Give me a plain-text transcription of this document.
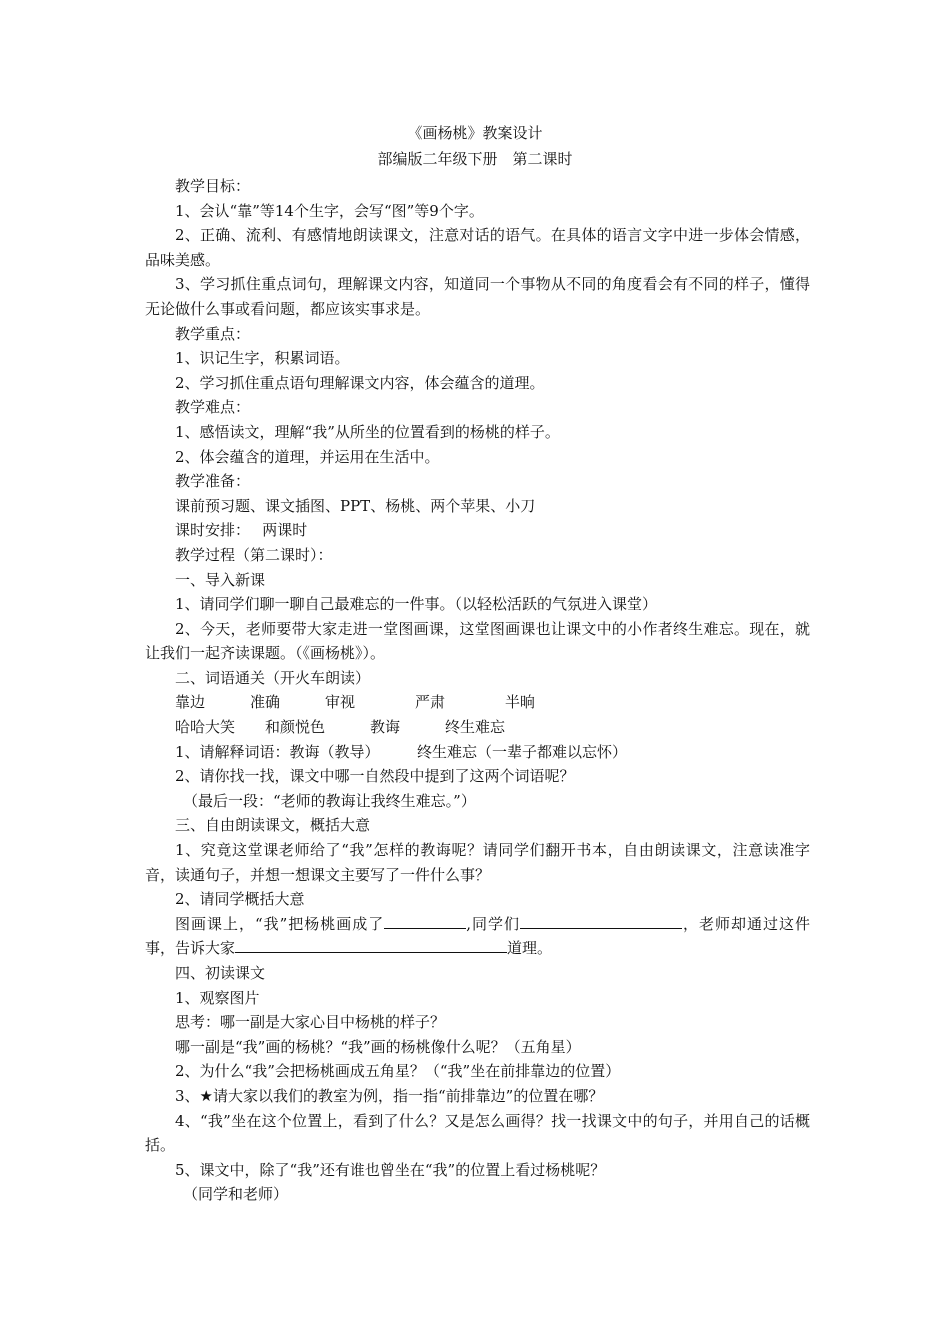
《画杨桃》教案设计

部编版二年级下册　第二课时

教学目标：

1、会认“靠”等14个生字，会写“图”等9个字。

2、正确、流利、有感情地朗读课文，注意对话的语气。在具体的语言文字中进一步体会情感，品味美感。

3、学习抓住重点词句，理解课文内容，知道同一个事物从不同的角度看会有不同的样子，懂得无论做什么事或看问题，都应该实事求是。

教学重点：

1、识记生字，积累词语。

2、学习抓住重点语句理解课文内容，体会蕴含的道理。

教学难点：

1、感悟读文，理解“我”从所坐的位置看到的杨桃的样子。

2、体会蕴含的道理，并运用在生活中。

教学准备：

课前预习题、课文插图、PPT、杨桃、两个苹果、小刀

课时安排：　 两课时

教学过程（第二课时）：

一、导入新课

1、请同学们聊一聊自己最难忘的一件事。（以轻松活跃的气氛进入课堂）

2、今天，老师要带大家走进一堂图画课，这堂图画课也让课文中的小作者终生难忘。现在，就让我们一起齐读课题。（《画杨桃》）。

二、词语通关（开火车朗读）

靠边　　　准确　　　审视　　　　严肃　　　　半晌

哈哈大笑　　和颜悦色　　　教诲　　　终生难忘

1、请解释词语：教诲（教导）　　　终生难忘（一辈子都难以忘怀）

2、请你找一找，课文中哪一自然段中提到了这两个词语呢？

（最后一段：“老师的教诲让我终生难忘。”）

三、自由朗读课文，概括大意

1、究竟这堂课老师给了“我”怎样的教诲呢？请同学们翻开书本，自由朗读课文，注意读准字音，读通句子，并想一想课文主要写了一件什么事？

2、请同学概括大意

图画课上，“我”把杨桃画成了	,同学们	，老师却通过这件事，告诉大家	道理。

四、初读课文

1、观察图片

思考：哪一副是大家心目中杨桃的样子？

哪一副是“我”画的杨桃？“我”画的杨桃像什么呢？（五角星）

2、为什么“我”会把杨桃画成五角星？（“我”坐在前排靠边的位置）

3、★请大家以我们的教室为例，指一指“前排靠边”的位置在哪？

4、“我”坐在这个位置上，看到了什么？又是怎么画得？找一找课文中的句子，并用自己的话概括。

5、课文中，除了“我”还有谁也曾坐在“我”的位置上看过杨桃呢？

（同学和老师）
